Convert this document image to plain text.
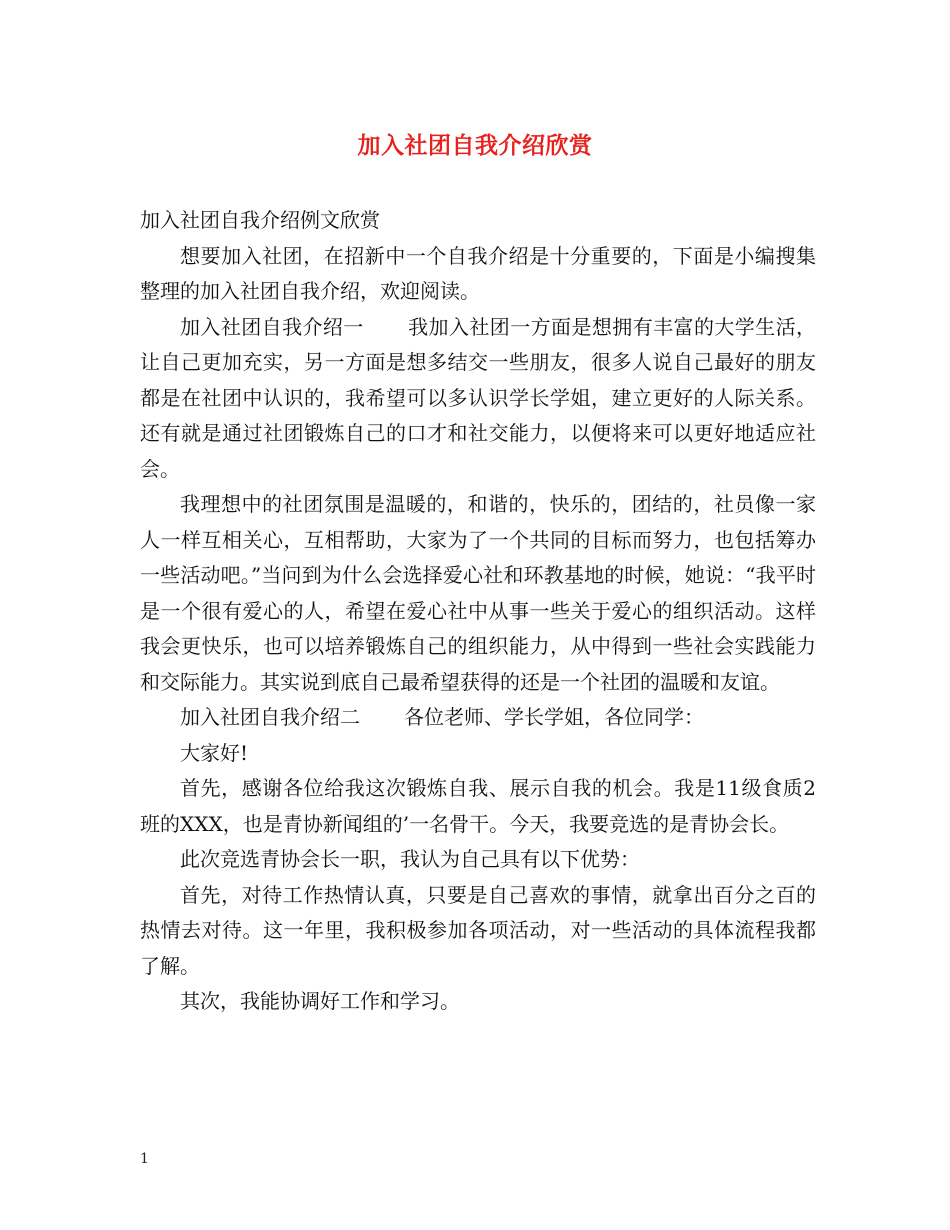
加入社团自我介绍欣赏

加入社团自我介绍例文欣赏

想要加入社团，在招新中一个自我介绍是十分重要的，下面是小编搜集整理的加入社团自我介绍，欢迎阅读。

加入社团自我介绍一 我加入社团一方面是想拥有丰富的大学生活，让自己更加充实，另一方面是想多结交一些朋友，很多人说自己最好的朋友都是在社团中认识的，我希望可以多认识学长学姐，建立更好的人际关系。还有就是通过社团锻炼自己的口才和社交能力，以便将来可以更好地适应社会。

我理想中的社团氛围是温暖的，和谐的，快乐的，团结的，社员像一家人一样互相关心，互相帮助，大家为了一个共同的目标而努力，也包括筹办一些活动吧。”当问到为什么会选择爱心社和环教基地的时候，她说：“我平时是一个很有爱心的人，希望在爱心社中从事一些关于爱心的组织活动。这样我会更快乐，也可以培养锻炼自己的组织能力，从中得到一些社会实践能力和交际能力。其实说到底自己最希望获得的还是一个社团的温暖和友谊。

加入社团自我介绍二 各位老师、学长学姐，各位同学：

大家好!

首先，感谢各位给我这次锻炼自我、展示自我的机会。我是11级食质2班的XXX，也是青协新闻组的’一名骨干。今天，我要竞选的是青协会长。

此次竞选青协会长一职，我认为自己具有以下优势：

首先，对待工作热情认真，只要是自己喜欢的事情，就拿出百分之百的热情去对待。这一年里，我积极参加各项活动，对一些活动的具体流程我都了解。

其次，我能协调好工作和学习。

1
